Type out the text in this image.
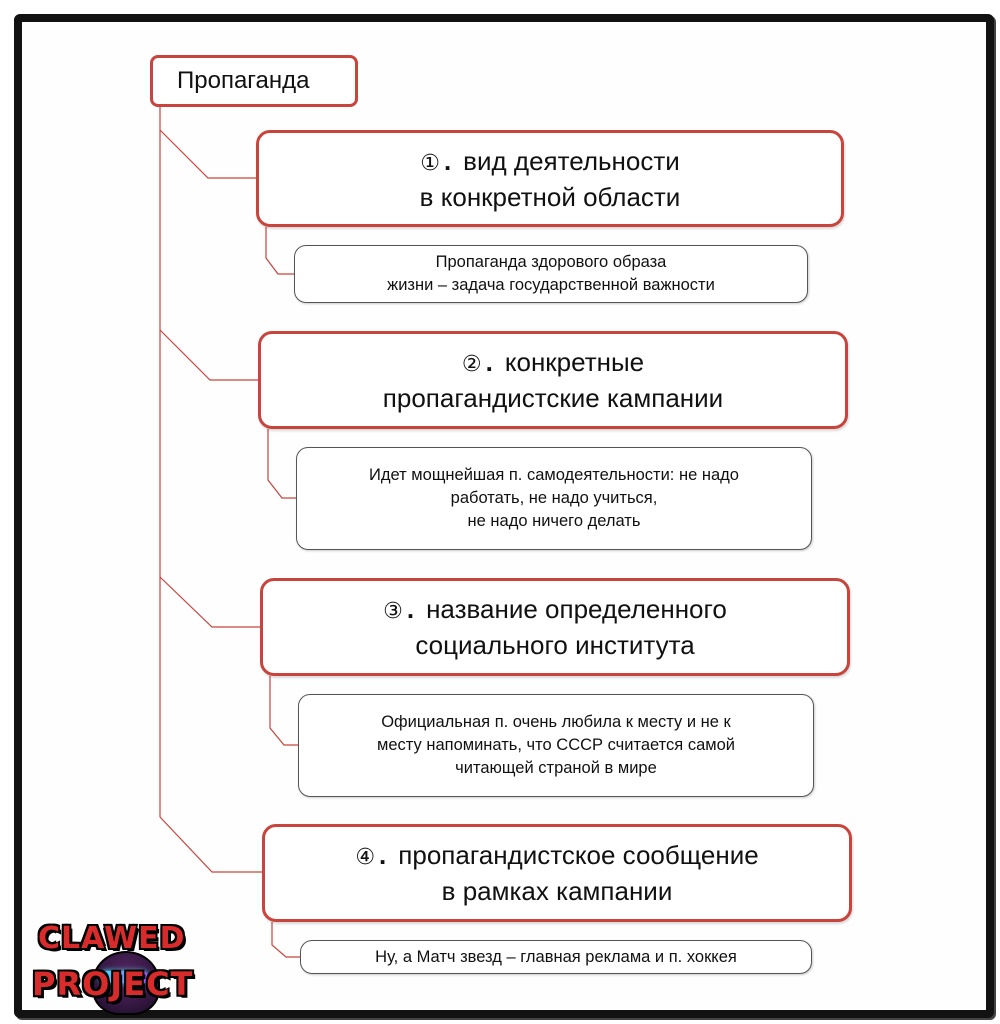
Пропаганда
① . вид деятельности
в конкретной области
Пропаганда здорового образа
жизни – задача государственной важности
② . конкретные
пропагандистские кампании
Идет мощнейшая п. самодеятельности: не надо
работать, не надо учиться,
не надо ничего делать
③ . название определенного
социального института
Официальная п. очень любила к месту и не к
месту напоминать, что СССР считается самой
читающей страной в мире
④ . пропагандистское сообщение
в рамках кампании
Ну, а Матч звезд – главная реклама и п. хоккея
CLAWED
PROJECT
